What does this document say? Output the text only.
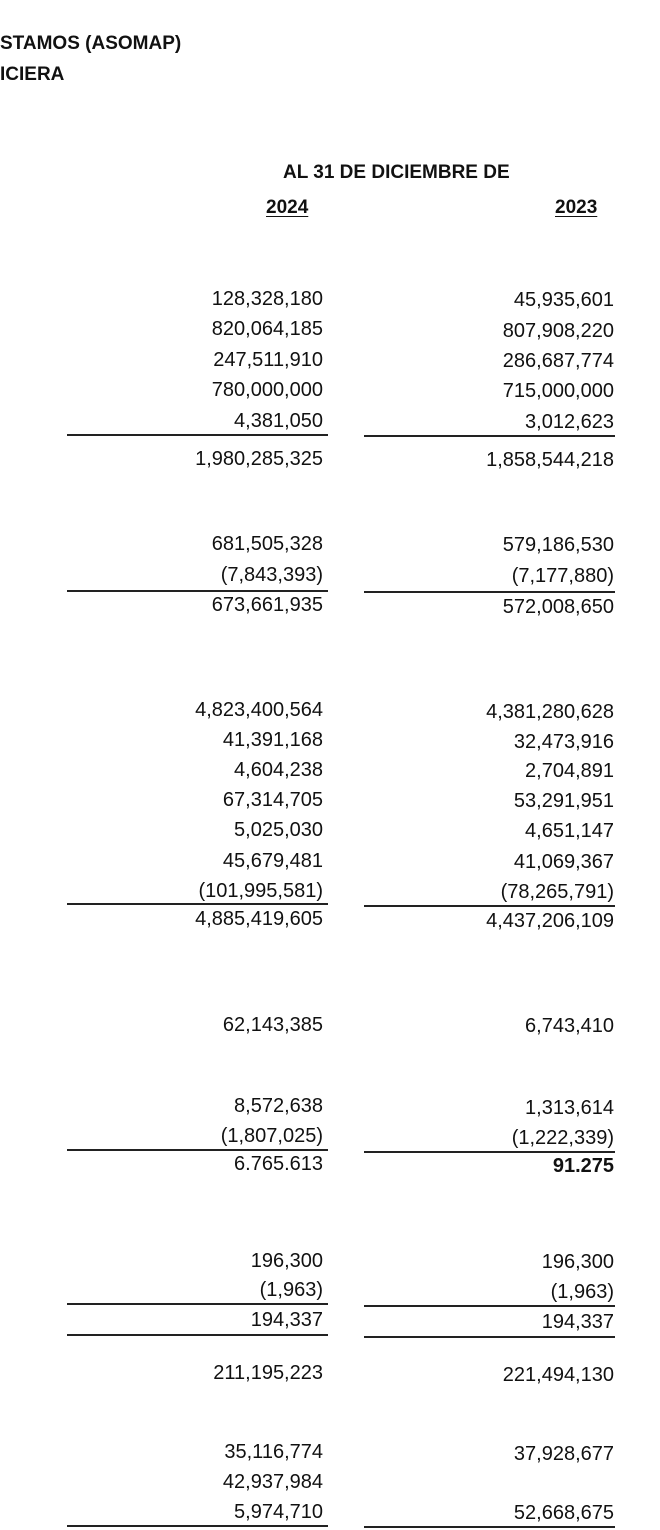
STAMOS (ASOMAP)
ICIERA
AL 31 DE DICIEMBRE DE
2024	2023
128,328,180	45,935,601
820,064,185	807,908,220
247,511,910	286,687,774
780,000,000	715,000,000
4,381,050	3,012,623
1,980,285,325	1,858,544,218
681,505,328	579,186,530
(7,843,393)	(7,177,880)
673,661,935	572,008,650
4,823,400,564	4,381,280,628
41,391,168	32,473,916
4,604,238	2,704,891
67,314,705	53,291,951
5,025,030	4,651,147
45,679,481	41,069,367
(101,995,581)	(78,265,791)
4,885,419,605	4,437,206,109
62,143,385	6,743,410
8,572,638	1,313,614
(1,807,025)	(1,222,339)
6.765.613	91.275
196,300	196,300
(1,963)	(1,963)
194,337	194,337
211,195,223	221,494,130
35,116,774	37,928,677
42,937,984
5,974,710	52,668,675
